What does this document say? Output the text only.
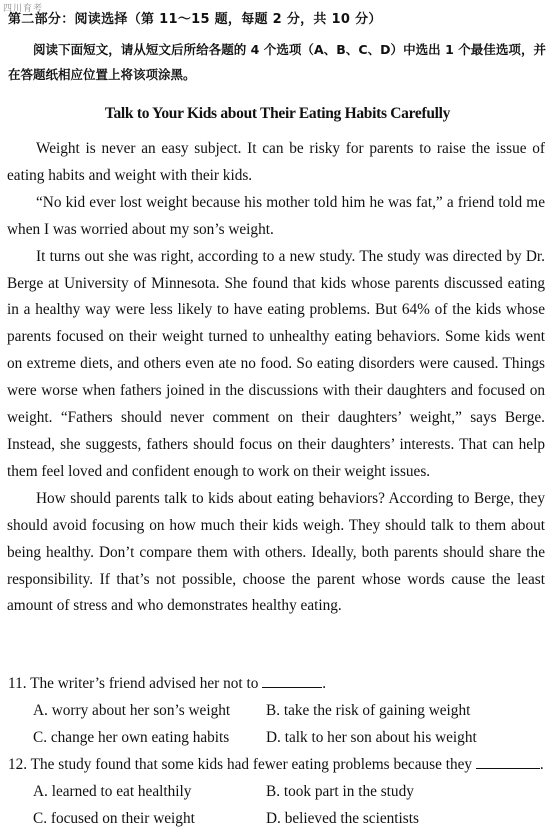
四川育考
第二部分：阅读选择（第 11～15 题，每题 2 分，共 10 分）
阅读下面短文，请从短文后所给各题的 4 个选项（A、B、C、D）中选出 1 个最佳选项，并在答题纸相应位置上将该项涂黑。
Talk to Your Kids about Their Eating Habits Carefully

Weight is never an easy subject. It can be risky for parents to raise the issue of eating habits and weight with their kids.

“No kid ever lost weight because his mother told him he was fat,” a friend told me when I was worried about my son’s weight.

It turns out she was right, according to a new study. The study was directed by Dr. Berge at University of Minnesota. She found that kids whose parents discussed eating in a healthy way were less likely to have eating problems. But 64% of the kids whose parents focused on their weight turned to unhealthy eating behaviors. Some kids went on extreme diets, and others even ate no food. So eating disorders were caused. Things were worse when fathers joined in the discussions with their daughters and focused on weight. “Fathers should never comment on their daughters’ weight,” says Berge. Instead, she suggests, fathers should focus on their daughters’ interests. That can help them feel loved and confident enough to work on their weight issues.

How should parents talk to kids about eating behaviors? According to Berge, they should avoid focusing on how much their kids weigh. They should talk to them about being healthy. Don’t compare them with others. Ideally, both parents should share the responsibility. If that’s not possible, choose the parent whose words cause the least amount of stress and who demonstrates healthy eating.

11. The writer’s friend advised her not to	.

A. worry about her son’s weight	B. take the risk of gaining weight
C. change her own eating habits	D. talk to her son about his weight

12. The study found that some kids had fewer eating problems because they	.

A. learned to eat healthily	B. took part in the study
C. focused on their weight	D. believed the scientists
